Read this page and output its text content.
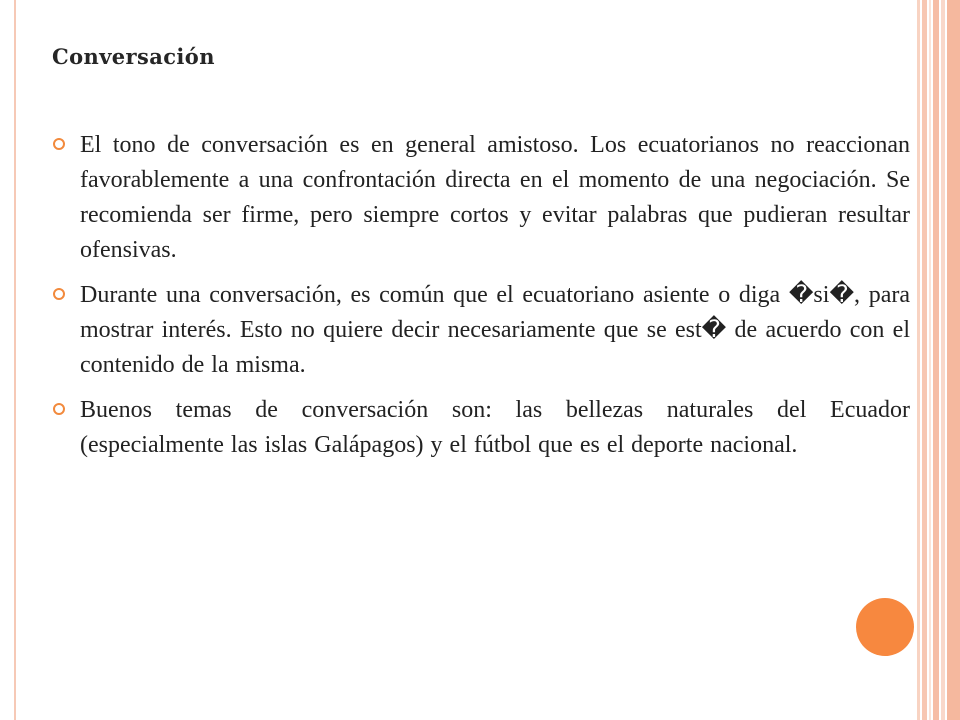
Conversación
El tono de conversación es en general amistoso. Los ecuatorianos no reaccionan favorablemente a una confrontación directa en el momento de una negociación. Se recomienda ser firme, pero siempre cortos y evitar palabras que pudieran resultar ofensivas.
Durante una conversación, es común que el ecuatoriano asiente o diga �si�, para mostrar interés. Esto no quiere decir necesariamente que se est� de acuerdo con el contenido de la misma.
Buenos temas de conversación son: las bellezas naturales del Ecuador (especialmente las islas Galápagos) y el fútbol que es el deporte nacional.
